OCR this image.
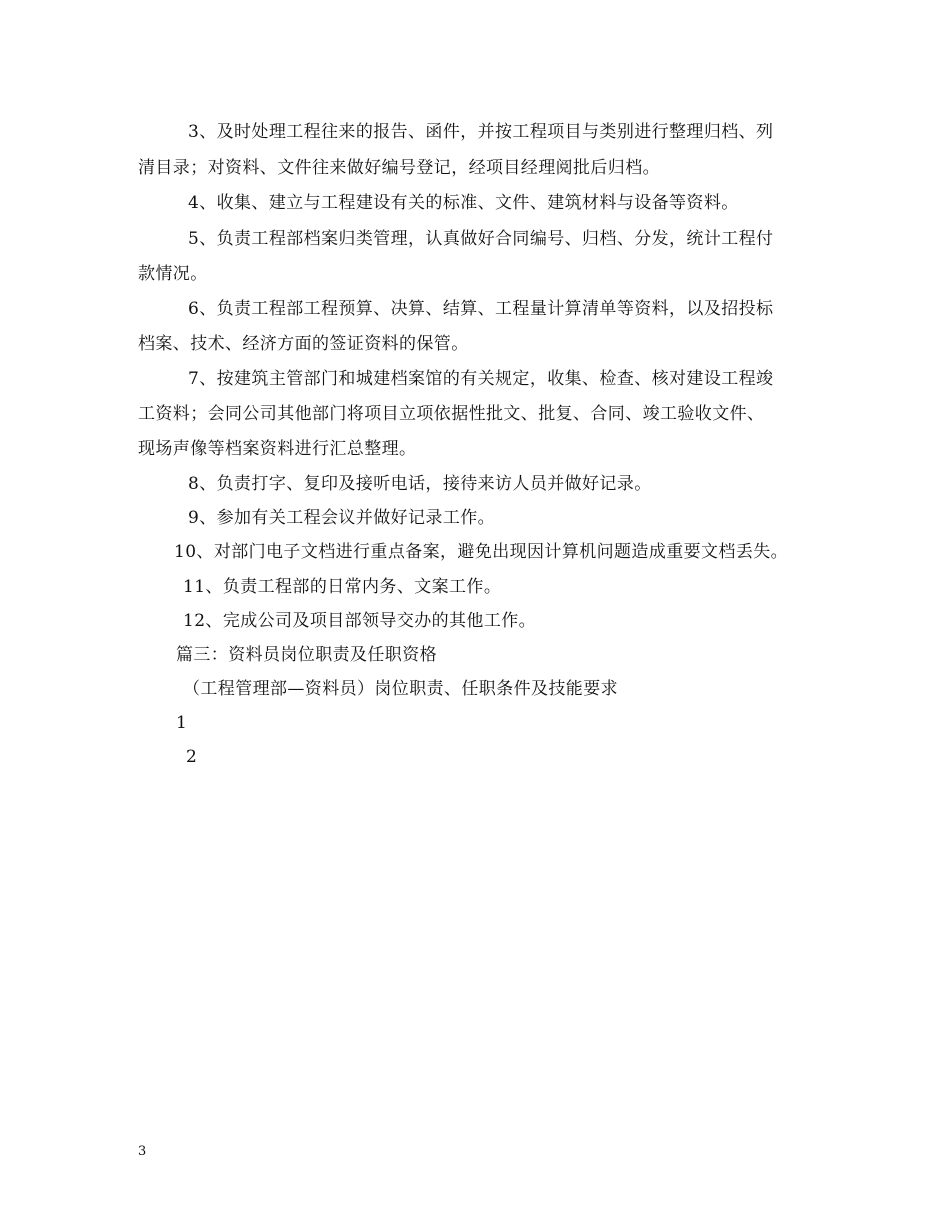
3、及时处理工程往来的报告、函件，并按工程项目与类别进行整理归档、列
清目录；对资料、文件往来做好编号登记，经项目经理阅批后归档。
4、收集、建立与工程建设有关的标准、文件、建筑材料与设备等资料。
5、负责工程部档案归类管理，认真做好合同编号、归档、分发，统计工程付
款情况。
6、负责工程部工程预算、决算、结算、工程量计算清单等资料，以及招投标
档案、技术、经济方面的签证资料的保管。
7、按建筑主管部门和城建档案馆的有关规定，收集、检查、核对建设工程竣
工资料；会同公司其他部门将项目立项依据性批文、批复、合同、竣工验收文件、
现场声像等档案资料进行汇总整理。
8、负责打字、复印及接听电话，接待来访人员并做好记录。
9、参加有关工程会议并做好记录工作。
10、对部门电子文档进行重点备案，避免出现因计算机问题造成重要文档丢失。
11、负责工程部的日常内务、文案工作。
12、完成公司及项目部领导交办的其他工作。
篇三：资料员岗位职责及任职资格
（工程管理部—资料员）岗位职责、任职条件及技能要求
1
2
3
